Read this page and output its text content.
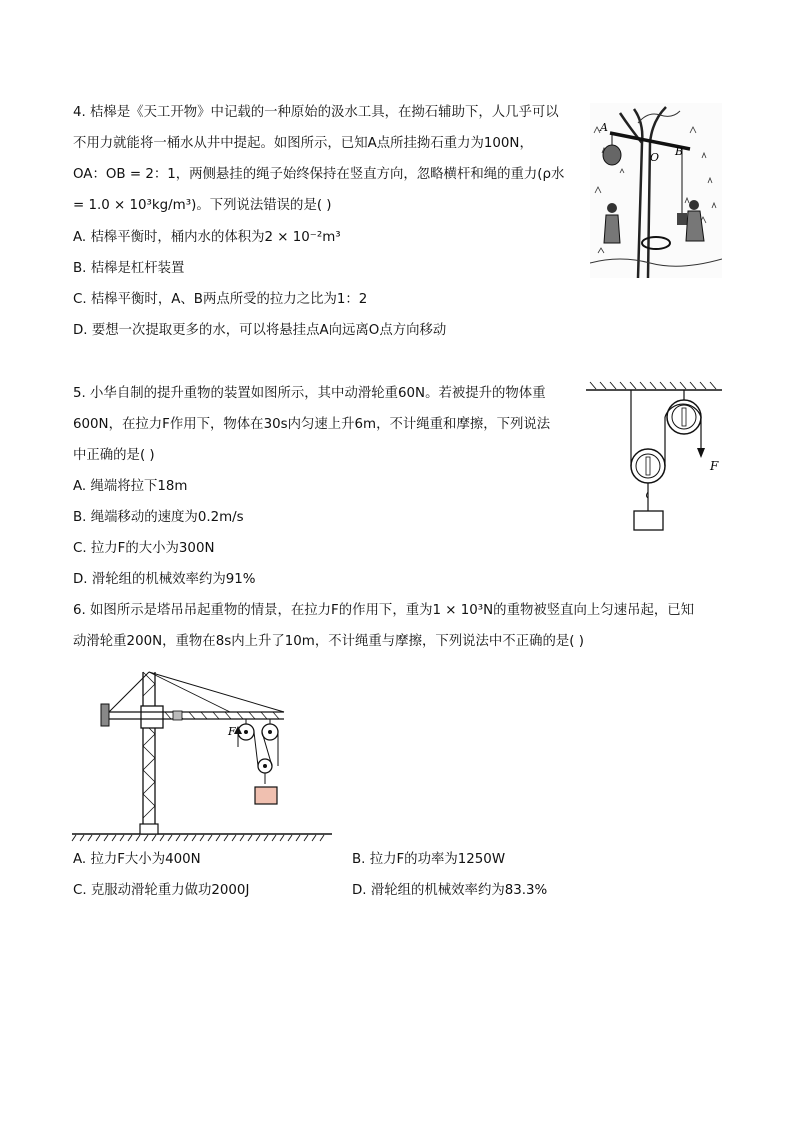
4. 桔槔是《天工开物》中记载的一种原始的汲水工具，在拗石辅助下，人几乎可以
不用力就能将一桶水从井中提起。如图所示，已知A点所挂拗石重力为100N，
OA：OB = 2：1，两侧悬挂的绳子始终保持在竖直方向，忽略横杆和绳的重力(ρ水
= 1.0 × 10³kg/m³)。下列说法错误的是( )
A. 桔槔平衡时，桶内水的体积为2 × 10⁻²m³
B. 桔槔是杠杆装置
C. 桔槔平衡时，A、B两点所受的拉力之比为1：2
D. 要想一次提取更多的水，可以将悬挂点A向远离O点方向移动
A
B
O
5. 小华自制的提升重物的装置如图所示，其中动滑轮重60N。若被提升的物体重
600N，在拉力F作用下，物体在30s内匀速上升6m，不计绳重和摩擦，下列说法
中正确的是( )
A. 绳端将拉下18m
B. 绳端移动的速度为0.2m/s
C. 拉力F的大小为300N
D. 滑轮组的机械效率约为91%
F
6. 如图所示是塔吊吊起重物的情景，在拉力F的作用下，重为1 × 10³N的重物被竖直向上匀速吊起，已知
动滑轮重200N，重物在8s内上升了10m，不计绳重与摩擦，下列说法中不正确的是( )
F
A. 拉力F大小为400N	B. 拉力F的功率为1250W
C. 克服动滑轮重力做功2000J	D. 滑轮组的机械效率约为83.3%
